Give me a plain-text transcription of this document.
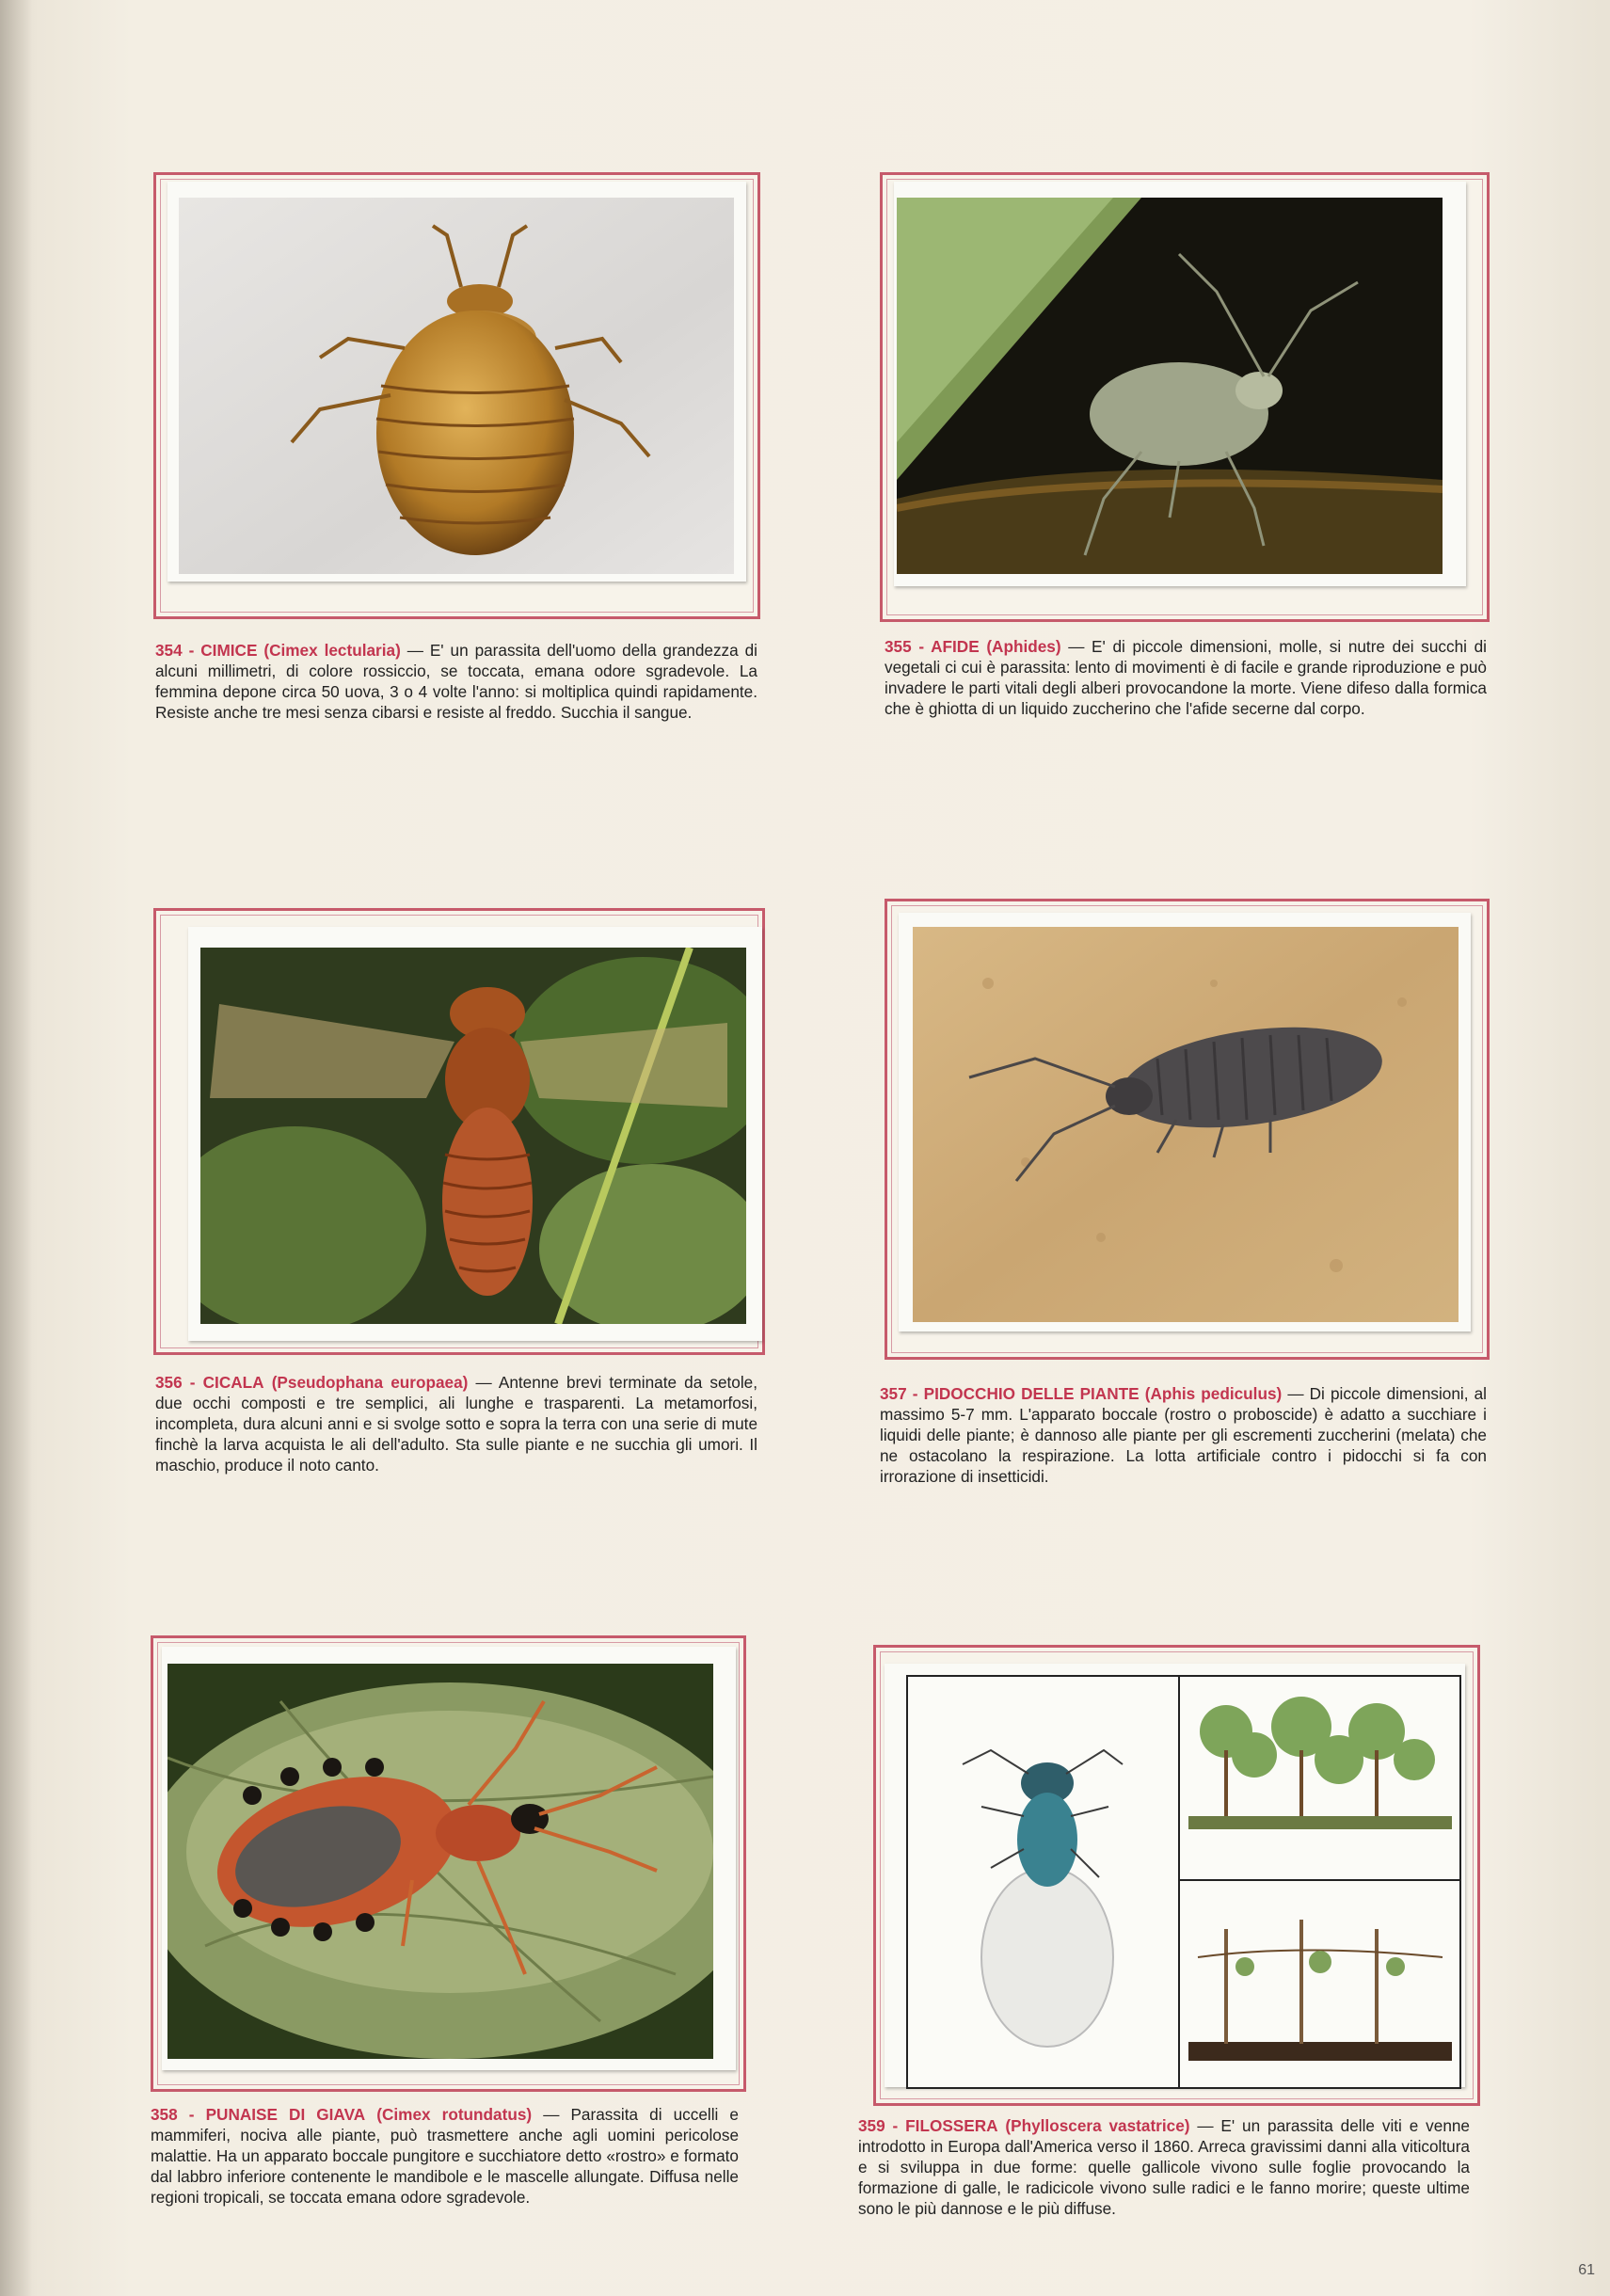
354 - CIMICE (Cimex lectularia) — E' un parassita dell'uomo della grandezza di alcuni millimetri, di colore rossiccio, se toccata, emana odore sgradevole. La femmina depone circa 50 uova, 3 o 4 volte l'anno: si moltiplica quindi rapidamente. Resiste anche tre mesi senza cibarsi e resiste al freddo. Succhia il sangue.
355 - AFIDE (Aphides) — E' di piccole dimensioni, molle, si nutre dei succhi di vegetali ci cui è parassita: lento di movimenti è di facile e grande riproduzione e può invadere le parti vitali degli alberi provocandone la morte. Viene difeso dalla formica che è ghiotta di un liquido zuccherino che l'afide secerne dal corpo.
356 - CICALA (Pseudophana europaea) — Antenne brevi terminate da setole, due occhi composti e tre semplici, ali lunghe e trasparenti. La metamorfosi, incompleta, dura alcuni anni e si svolge sotto e sopra la terra con una serie di mute finchè la larva acquista le ali dell'adulto. Sta sulle piante e ne succhia gli umori. Il maschio, produce il noto canto.
357 - PIDOCCHIO DELLE PIANTE (Aphis pediculus) — Di piccole dimensioni, al massimo 5-7 mm. L'apparato boccale (rostro o proboscide) è adatto a succhiare i liquidi delle piante; è dannoso alle piante per gli escrementi zuccherini (melata) che ne ostacolano la respirazione. La lotta artificiale contro i pidocchi si fa con irrorazione di insetticidi.
358 - PUNAISE DI GIAVA (Cimex rotundatus) — Parassita di uccelli e mammiferi, nociva alle piante, può trasmettere anche agli uomini pericolose malattie. Ha un apparato boccale pungitore e succhiatore detto «rostro» e formato dal labbro inferiore contenente le mandibole e le mascelle allungate. Diffusa nelle regioni tropicali, se toccata emana odore sgradevole.
359 - FILOSSERA (Phylloscera vastatrice) — E' un parassita delle viti e venne introdotto in Europa dall'America verso il 1860. Arreca gravissimi danni alla viticoltura e si sviluppa in due forme: quelle gallicole vivono sulle foglie provocando la formazione di galle, le radicicole vivono sulle radici e le fanno morire; queste ultime sono le più dannose e le più diffuse.
61
